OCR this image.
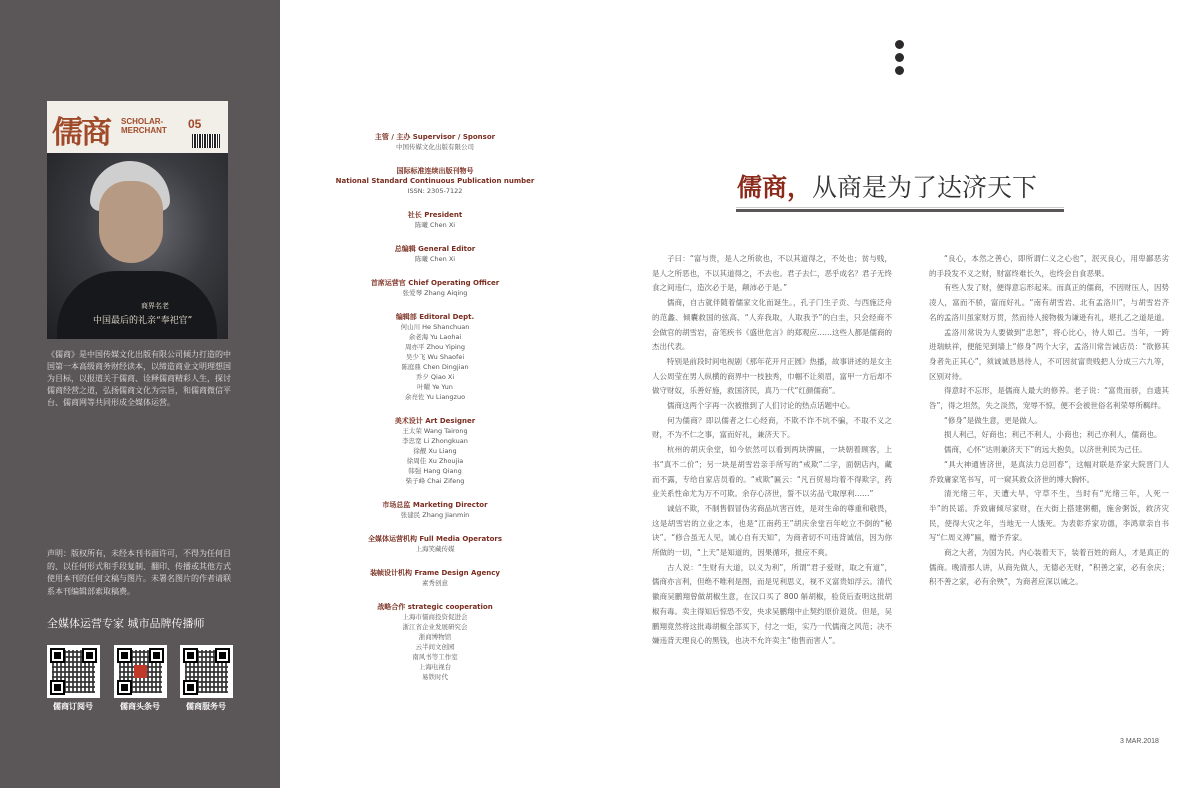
儒商 SCHOLAR-
MERCHANT 05
商界名老
中国最后的礼亲“奉祀官”
《儒商》是中国传媒文化出版有限公司倾力打造的中国第一本高级商务财经读本，以缔造商业文明理想国为目标，以报道关于儒商、诠释儒商精彩人生，探讨儒商经营之道，弘扬儒商文化为宗旨，和儒商微信平台、儒商网等共同形成全媒体运营。
声明：版权所有，未经本刊书面许可，不得为任何目的、以任何形式和手段复制、翻印、传播或其他方式使用本刊的任何文稿与图片。未署名图片的作者请联系本刊编辑部索取稿费。
全媒体运营专家 城市品牌传播师
儒商订阅号	儒商头条号	儒商服务号
主管 / 主办 Supervisor / Sponsor
中国传媒文化出版有限公司
国际标准连续出版刊物号
National Standard Continuous Publication number
ISSN: 2305-7122
社长 President
陈曦 Chen Xi
总编辑 General Editor
陈曦 Chen Xi
首席运营官 Chief Operating Officer
张爱琴 Zhang Aiqing
编辑部 Editoral Dept.
何山川 He Shanchuan
余老海 Yu Laohai
周亦平 Zhou Yiping
吴少飞 Wu Shaofei
陈庭鼎 Chen Dingjian
乔夕 Qiao Xi
叶曜 Ye Yun
余亮佐 Yu Liangzuo
美术设计 Art Designer
王太荣 Wang Tairong
李忠宽 Li Zhongkuan
徐靓 Xu Liang
徐周佳 Xu Zhoujia
韩强 Hang Qiang
柴子峰 Chai Zifeng
市场总监 Marketing Director
张建民 Zhang Jianmin
全媒体运营机构 Full Media Operators
上海笑藏传媒
装帧设计机构 Frame Design Agency
素秀创意
战略合作 strategic cooperation
上海市儒商投资促进会
浙江省企业发展研究会
浙商博物馆
云半间文创园
南风书等工作室
上海电视台
易铁时代
儒商，从商是为了达济天下

子曰：“富与贵，是人之所欲也，不以其道得之，不处也；贫与贱，是人之所恶也，不以其道得之，不去也。君子去仁，恶乎成名？君子无终食之间违仁，造次必于是，颠沛必于是。”

儒商，自古就伴随着儒家文化而诞生。，孔子门生子贡、与西施泛舟的范蠡、倾囊救国的弦高、“人弃我取，人取我予”的白圭，只会经商不会做官的胡雪岩，奋笔疾书《盛世危言》的郑观应……这些人都是儒商的杰出代表。

特别是前段时间电视剧《那年花开月正圆》热播，故事讲述的是女主人公周莹在男人纵横的商界中一枝独秀，巾帼不让须眉，富甲一方后却不做守财奴，乐善好施，救国济民，真乃一代“红颜儒商”。

儒商这两个字再一次被推到了人们讨论的热点话题中心。

何为儒商？即以儒者之仁心经商，不欺不诈不坑不骗，不取不义之财，不为不仁之事，富而好礼，兼济天下。

杭州的胡庆余堂，如今依然可以看到两块牌匾，一块朝着顾客，上书“真不二价”；另一块是胡雪岩亲手所写的“戒欺”二字，面朝店内，藏而不露，专给自家店员看的。“戒欺”匾云：“凡百贸易均着不得欺字，药业关系性命尤为万不可欺。余存心济世，誓不以劣品弋取厚利……”

诚信不欺，不制售假冒伪劣商品坑害百姓，是对生命的尊重和敬畏，这是胡雪岩的立业之本，也是“江南药王”胡庆余堂百年屹立不倒的“秘诀”。“修合虽无人见，诚心自有天知”，为商者切不可违背诚信，因为你所做的一切，“上天”是知道的，因果循环，报应不爽。

古人说：“生财有大道，以义为利”，所谓“君子爱财，取之有道”，儒商亦言利，但绝不唯利是图，而是见利思义，视不义富贵如浮云。清代徽商吴鹏翔曾做胡椒生意，在汉口买了 800 斛胡椒，验货后查明这批胡椒有毒。卖主得知后惊恐不安，央求吴鹏翔中止契约原价退货。但是，吴鹏翔竟然将这批毒胡椒全部买下，付之一炬，实乃一代儒商之风范；决不嫌违背天理良心的黑钱，也决不允许卖主“他售而害人”。

“良心，本然之善心，即所谓仁义之心也”，泯灭良心，用卑鄙恶劣的手段发不义之财，财富终难长久，也终会自食恶果。

有些人发了财，便得意忘形起来。而真正的儒商，不因财压人，因势凌人，富而不骄，富而好礼。“南有胡雪岩、北有孟洛川”，与胡雪岩齐名的孟洛川虽家财万贯，然而待人接物极为谦逊有礼，堪扎乙之道是道。

孟洛川常说为人要做到“忠恕”，将心比心，待人如己。当年，一跨进瑞蚨祥，便能见到墙上“修身”两个大字，孟洛川常告诫店员：“欲修其身者先正其心”，须诚诚恳恳待人，不可因贫富贵贱把人分成三六九等，区别对待。

得意时不忘形，是儒商人最大的修养。老子说：“富贵而骄，自遗其咎”，得之坦然，失之淡然，宠辱不惊，便不会被世俗名利荣辱所羁绊。

“修身”是做生意，更是做人。

损人利己，好商也；利己不利人，小商也；利己亦利人，儒商也。

儒商，心怀“达则兼济天下”的远大抱负，以济世利民为己任。

“具大神通皆济世，是真法力总回春”，这幅对联是乔家大院晋门人乔致庸家笔书写，可一窥其救众济世的博大胸怀。

清光绪三年，天遭大旱，守草不生，当时有“光绪三年，人死一半”的民谣。乔致庸倾尽家财，在大街上搭建粥棚，施舍粥饭，救济灾民，使得大灾之年，当地无一人饿死。为表彰乔家功德，李鸿章亲自书写“仁周义溥”匾，赠予乔家。

商之大者，为国为民。内心装着天下，装着百姓的商人，才是真正的儒商。晚清那人讲，从商先做人，无德必无财，“积善之家，必有余庆；积不善之家，必有余殃”，为商者应深以诫之。

3 MAR.2018
